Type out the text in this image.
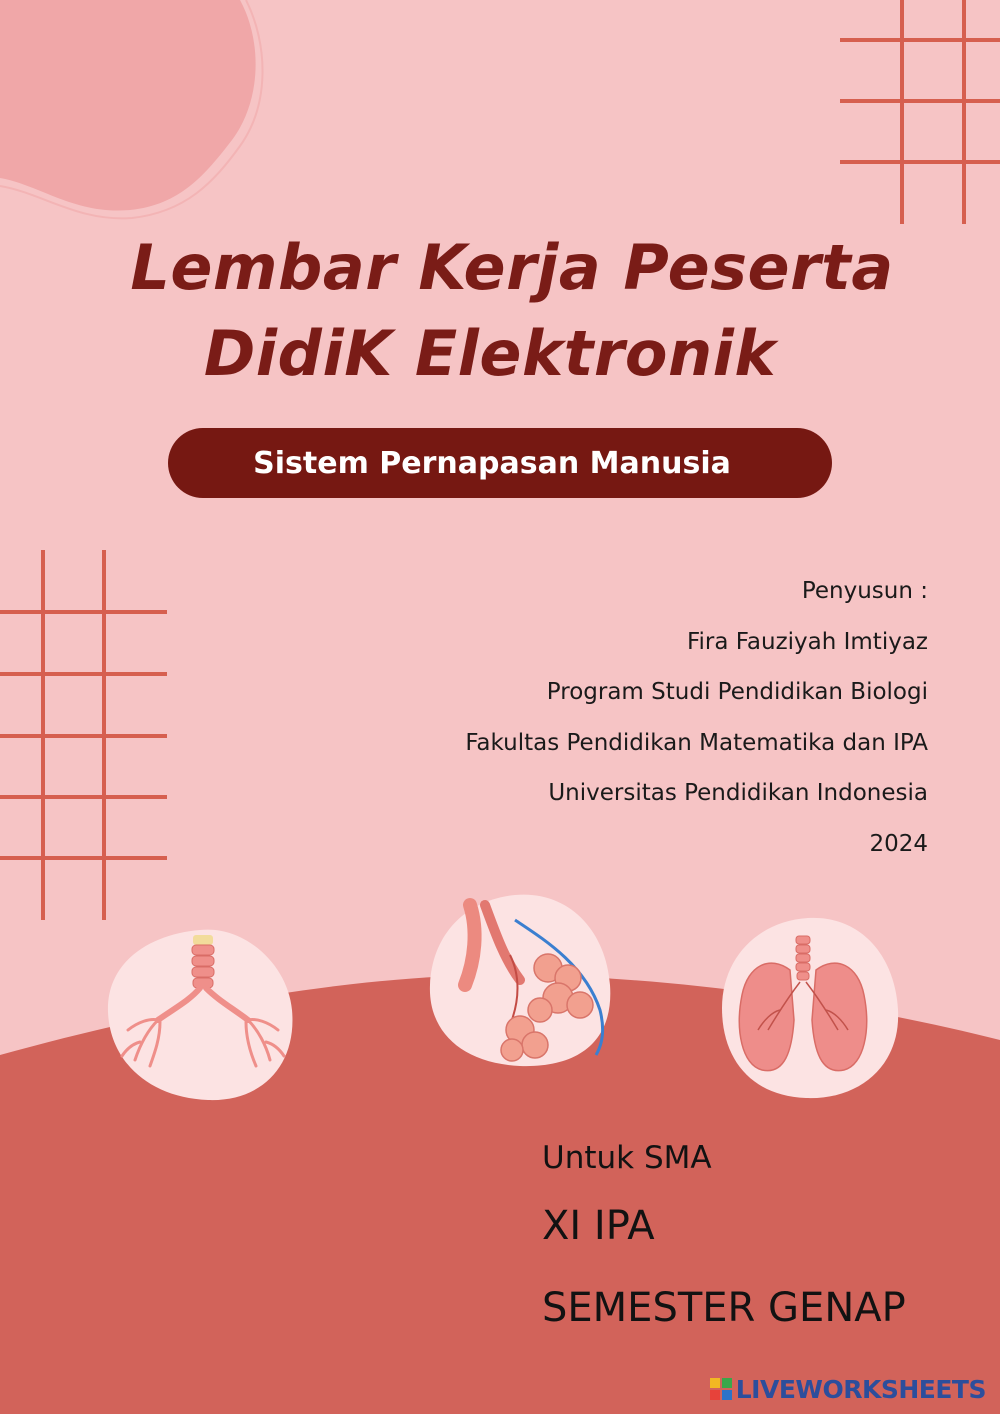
Lembar Kerja Peserta
DidiK Elektronik
Sistem Pernapasan Manusia
Penyusun :
Fira Fauziyah Imtiyaz
Program Studi Pendidikan Biologi
Fakultas Pendidikan Matematika dan IPA
Universitas Pendidikan Indonesia
2024
Untuk SMA
XI IPA
SEMESTER GENAP
LIVEWORKSHEETS
